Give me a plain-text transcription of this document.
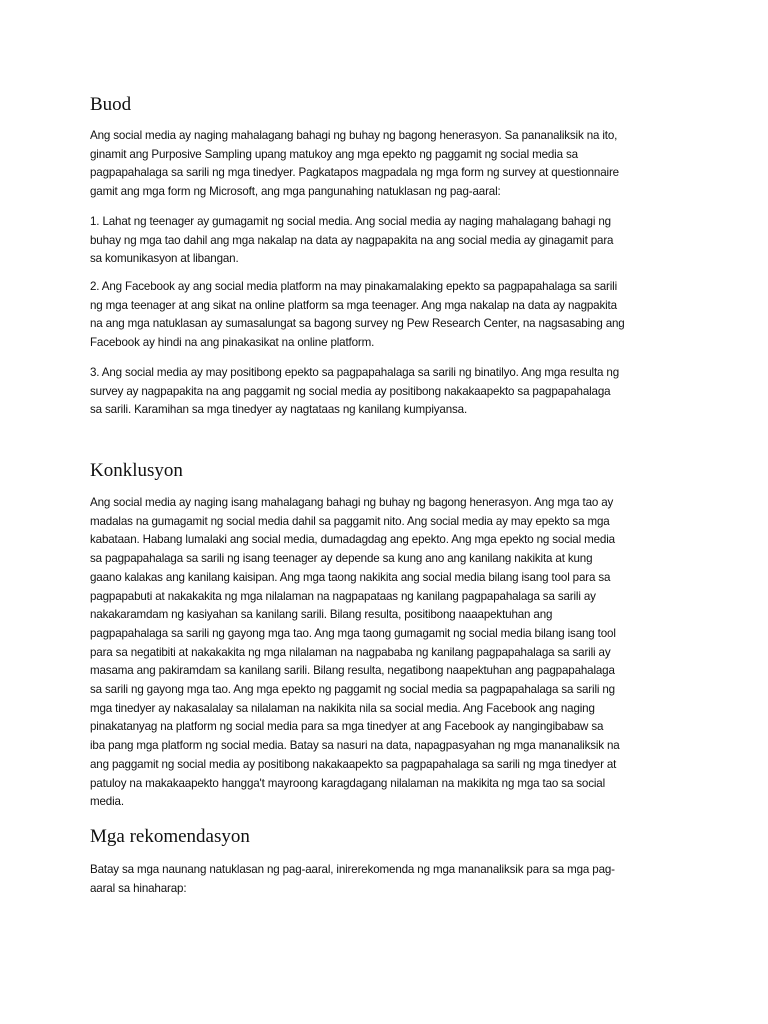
Buod

Ang social media ay naging mahalagang bahagi ng buhay ng bagong henerasyon. Sa pananaliksik na ito,
ginamit ang Purposive Sampling upang matukoy ang mga epekto ng paggamit ng social media sa
pagpapahalaga sa sarili ng mga tinedyer. Pagkatapos magpadala ng mga form ng survey at questionnaire
gamit ang mga form ng Microsoft, ang mga pangunahing natuklasan ng pag-aaral:

1. Lahat ng teenager ay gumagamit ng social media. Ang social media ay naging mahalagang bahagi ng
buhay ng mga tao dahil ang mga nakalap na data ay nagpapakita na ang social media ay ginagamit para
sa komunikasyon at libangan.

2. Ang Facebook ay ang social media platform na may pinakamalaking epekto sa pagpapahalaga sa sarili
ng mga teenager at ang sikat na online platform sa mga teenager. Ang mga nakalap na data ay nagpakita
na ang mga natuklasan ay sumasalungat sa bagong survey ng Pew Research Center, na nagsasabing ang
Facebook ay hindi na ang pinakasikat na online platform.

3. Ang social media ay may positibong epekto sa pagpapahalaga sa sarili ng binatilyo. Ang mga resulta ng
survey ay nagpapakita na ang paggamit ng social media ay positibong nakakaapekto sa pagpapahalaga
sa sarili. Karamihan sa mga tinedyer ay nagtataas ng kanilang kumpiyansa.

Konklusyon

Ang social media ay naging isang mahalagang bahagi ng buhay ng bagong henerasyon. Ang mga tao ay
madalas na gumagamit ng social media dahil sa paggamit nito. Ang social media ay may epekto sa mga
kabataan. Habang lumalaki ang social media, dumadagdag ang epekto. Ang mga epekto ng social media
sa pagpapahalaga sa sarili ng isang teenager ay depende sa kung ano ang kanilang nakikita at kung
gaano kalakas ang kanilang kaisipan. Ang mga taong nakikita ang social media bilang isang tool para sa
pagpapabuti at nakakakita ng mga nilalaman na nagpapataas ng kanilang pagpapahalaga sa sarili ay
nakakaramdam ng kasiyahan sa kanilang sarili. Bilang resulta, positibong naaapektuhan ang
pagpapahalaga sa sarili ng gayong mga tao. Ang mga taong gumagamit ng social media bilang isang tool
para sa negatibiti at nakakakita ng mga nilalaman na nagpababa ng kanilang pagpapahalaga sa sarili ay
masama ang pakiramdam sa kanilang sarili. Bilang resulta, negatibong naapektuhan ang pagpapahalaga
sa sarili ng gayong mga tao. Ang mga epekto ng paggamit ng social media sa pagpapahalaga sa sarili ng
mga tinedyer ay nakasalalay sa nilalaman na nakikita nila sa social media. Ang Facebook ang naging
pinakatanyag na platform ng social media para sa mga tinedyer at ang Facebook ay nangingibabaw sa
iba pang mga platform ng social media. Batay sa nasuri na data, napagpasyahan ng mga mananaliksik na
ang paggamit ng social media ay positibong nakakaapekto sa pagpapahalaga sa sarili ng mga tinedyer at
patuloy na makakaapekto hangga't mayroong karagdagang nilalaman na makikita ng mga tao sa social
media.

Mga rekomendasyon

Batay sa mga naunang natuklasan ng pag-aaral, inirerekomenda ng mga mananaliksik para sa mga pag-
aaral sa hinaharap:
